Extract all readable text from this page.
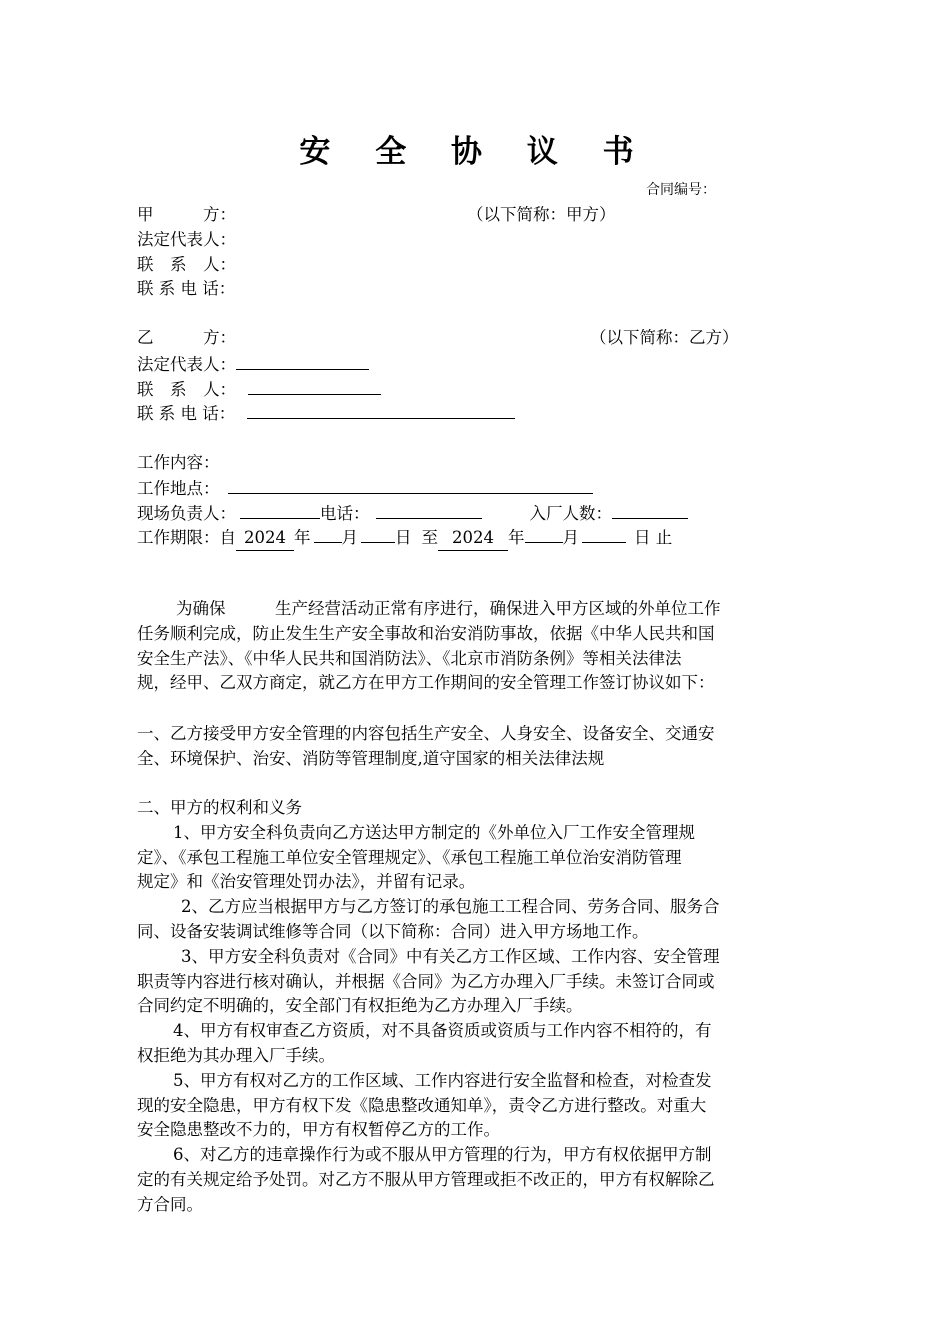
安 全 协 议 书
合同编号：
甲　　　方：	（以下简称：甲方）
法定代表人：
联　系　人：
联 系 电 话：
乙　　　方：	（以下简称：乙方）
法定代表人：
联　系　人：
联 系 电 话：
工作内容：
工作地点：
现场负责人：	电话：	入厂人数：
工作期限：自 2024 年 月 日 至 2024 年 月	日 止
为确保　　　生产经营活动正常有序进行，确保进入甲方区域的外单位工作
任务顺利完成，防止发生生产安全事故和治安消防事故，依据《中华人民共和国
安全生产法》、《中华人民共和国消防法》、《北京市消防条例》等相关法律法
规，经甲、乙双方商定，就乙方在甲方工作期间的安全管理工作签订协议如下：
一、乙方接受甲方安全管理的内容包括生产安全、人身安全、设备安全、交通安
全、环境保护、治安、消防等管理制度,道守国家的相关法律法规
二、甲方的权利和义务
1、甲方安全科负责向乙方送达甲方制定的《外单位入厂工作安全管理规
定》、《承包工程施工单位安全管理规定》、《承包工程施工单位治安消防管理
规定》和《治安管理处罚办法》，并留有记录。
2、乙方应当根据甲方与乙方签订的承包施工工程合同、劳务合同、服务合
同、设备安装调试维修等合同（以下简称：合同）进入甲方场地工作。
3、甲方安全科负责对《合同》中有关乙方工作区域、工作内容、安全管理
职责等内容进行核对确认，并根据《合同》为乙方办理入厂手续。未签订合同或
合同约定不明确的，安全部门有权拒绝为乙方办理入厂手续。
4、甲方有权审查乙方资质，对不具备资质或资质与工作内容不相符的，有
权拒绝为其办理入厂手续。
5、甲方有权对乙方的工作区域、工作内容进行安全监督和检查，对检查发
现的安全隐患，甲方有权下发《隐患整改通知单》，责令乙方进行整改。对重大
安全隐患整改不力的，甲方有权暂停乙方的工作。
6、对乙方的违章操作行为或不服从甲方管理的行为，甲方有权依据甲方制
定的有关规定给予处罚。对乙方不服从甲方管理或拒不改正的，甲方有权解除乙
方合同。
